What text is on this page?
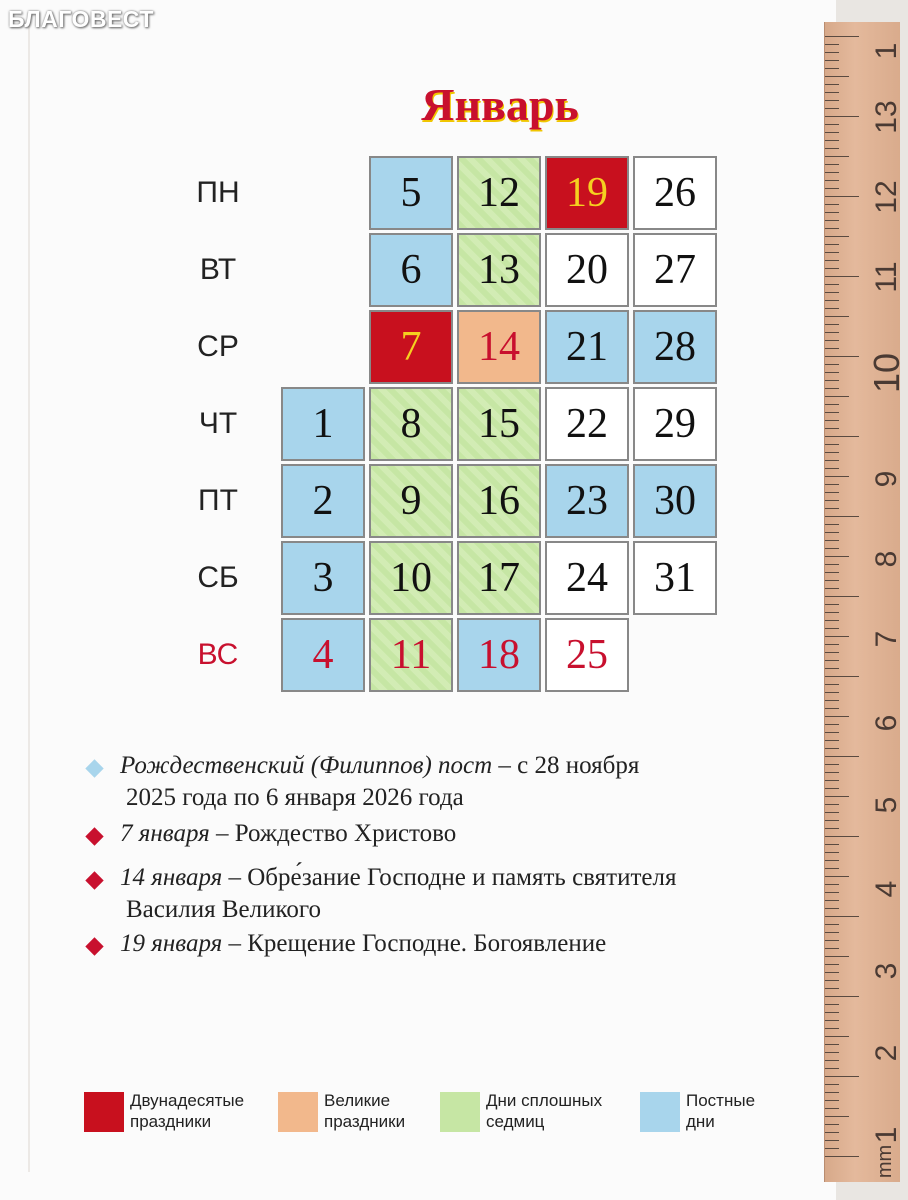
БЛАГОВЕСТ
Январь
ПН
ВТ
СР
ЧТ
ПТ
СБ
ВС
1
2
3
4
5
6
7
8
9
10
11
12
13
14
15
16
17
18
19
20
21
22
23
24
25
26
27
28
29
30
31
Рождественский (Филиппов) пост – с 28 ноября
2025 года по 6 января 2026 года
7 января – Рождество Христово
14 января – Обре́зание Господне и память святителя
Василия Великого
19 января – Крещение Господне. Богоявление
Двунадесятые
праздники
Великие
праздники
Дни сплошных
седмиц
Постные
дни
mm
1
13
12
11
10
9
8
7
6
5
4
3
2
1
